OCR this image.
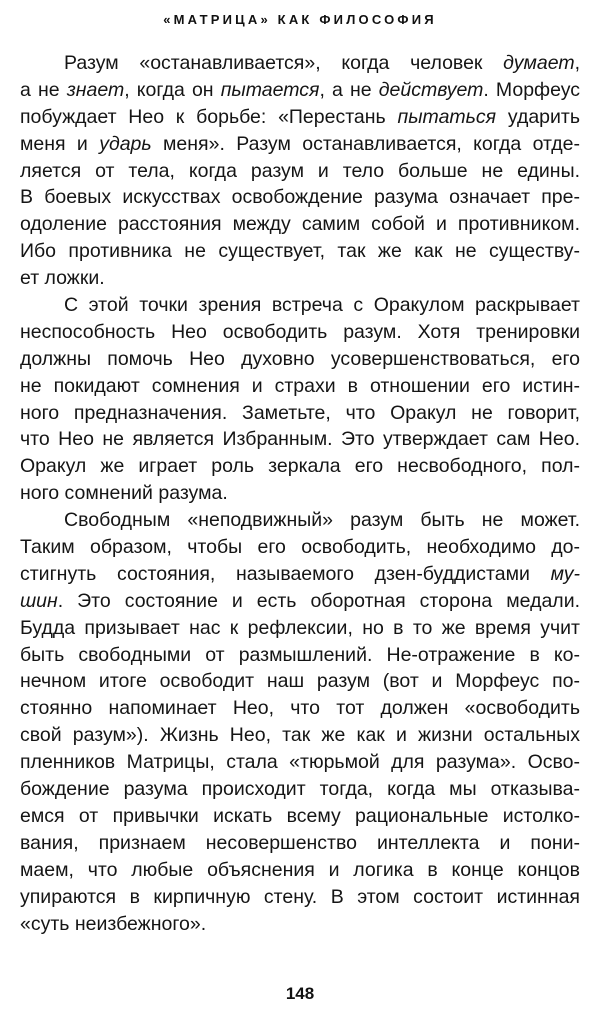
«МАТРИЦА» КАК ФИЛОСОФИЯ
Разум «останавливается», когда человек думает,
а не знает, когда он пытается, а не действует. Морфеус
побуждает Нео к борьбе: «Перестань пытаться ударить
меня и ударь меня». Разум останавливается, когда отде-
ляется от тела, когда разум и тело больше не едины.
В боевых искусствах освобождение разума означает пре-
одоление расстояния между самим собой и противником.
Ибо противника не существует, так же как не существу-
ет ложки.
С этой точки зрения встреча с Оракулом раскрывает
неспособность Нео освободить разум. Хотя тренировки
должны помочь Нео духовно усовершенствоваться, его
не покидают сомнения и страхи в отношении его истин-
ного предназначения. Заметьте, что Оракул не говорит,
что Нео не является Избранным. Это утверждает сам Нео.
Оракул же играет роль зеркала его несвободного, пол-
ного сомнений разума.
Свободным «неподвижный» разум быть не может.
Таким образом, чтобы его освободить, необходимо до-
стигнуть состояния, называемого дзен-буддистами му-
шин. Это состояние и есть оборотная сторона медали.
Будда призывает нас к рефлексии, но в то же время учит
быть свободными от размышлений. Не-отражение в ко-
нечном итоге освободит наш разум (вот и Морфеус по-
стоянно напоминает Нео, что тот должен «освободить
свой разум»). Жизнь Нео, так же как и жизни остальных
пленников Матрицы, стала «тюрьмой для разума». Осво-
бождение разума происходит тогда, когда мы отказыва-
емся от привычки искать всему рациональные истолко-
вания, признаем несовершенство интеллекта и пони-
маем, что любые объяснения и логика в конце концов
упираются в кирпичную стену. В этом состоит истинная
«суть неизбежного».
148
